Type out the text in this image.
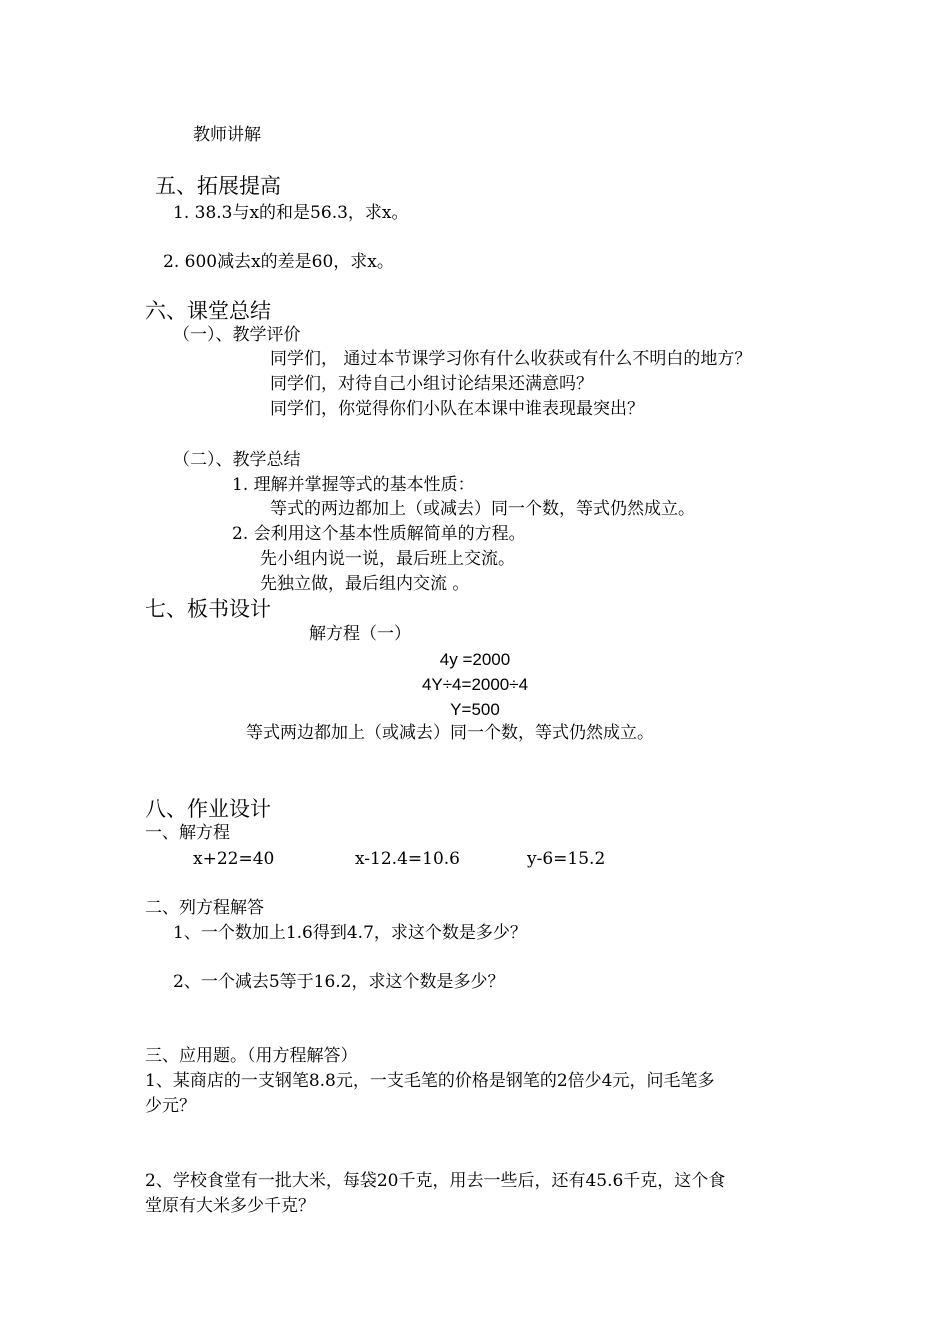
教师讲解
五、拓展提高
1. 38.3与x的和是56.3，求x。
2. 600减去x的差是60，求x。
六、课堂总结
（一）、教学评价
同学们， 通过本节课学习你有什么收获或有什么不明白的地方？
同学们，对待自己小组讨论结果还满意吗？
同学们，你觉得你们小队在本课中谁表现最突出？
（二）、教学总结
1. 理解并掌握等式的基本性质：
等式的两边都加上（或减去）同一个数，等式仍然成立。
2. 会利用这个基本性质解简单的方程。
先小组内说一说，最后班上交流。
先独立做，最后组内交流 。
七、板书设计
解方程（一）
4y =2000
4Y÷4=2000÷4
Y=500
等式两边都加上（或减去）同一个数，等式仍然成立。
八、作业设计
一、解方程
x+22=40	x-12.4=10.6	y-6=15.2
二、列方程解答
1、一个数加上1.6得到4.7，求这个数是多少？
2、一个减去5等于16.2，求这个数是多少？
三、应用题。（用方程解答）
1、某商店的一支钢笔8.8元，一支毛笔的价格是钢笔的2倍少4元，问毛笔多
少元？
2、学校食堂有一批大米，每袋20千克，用去一些后，还有45.6千克，这个食
堂原有大米多少千克？
